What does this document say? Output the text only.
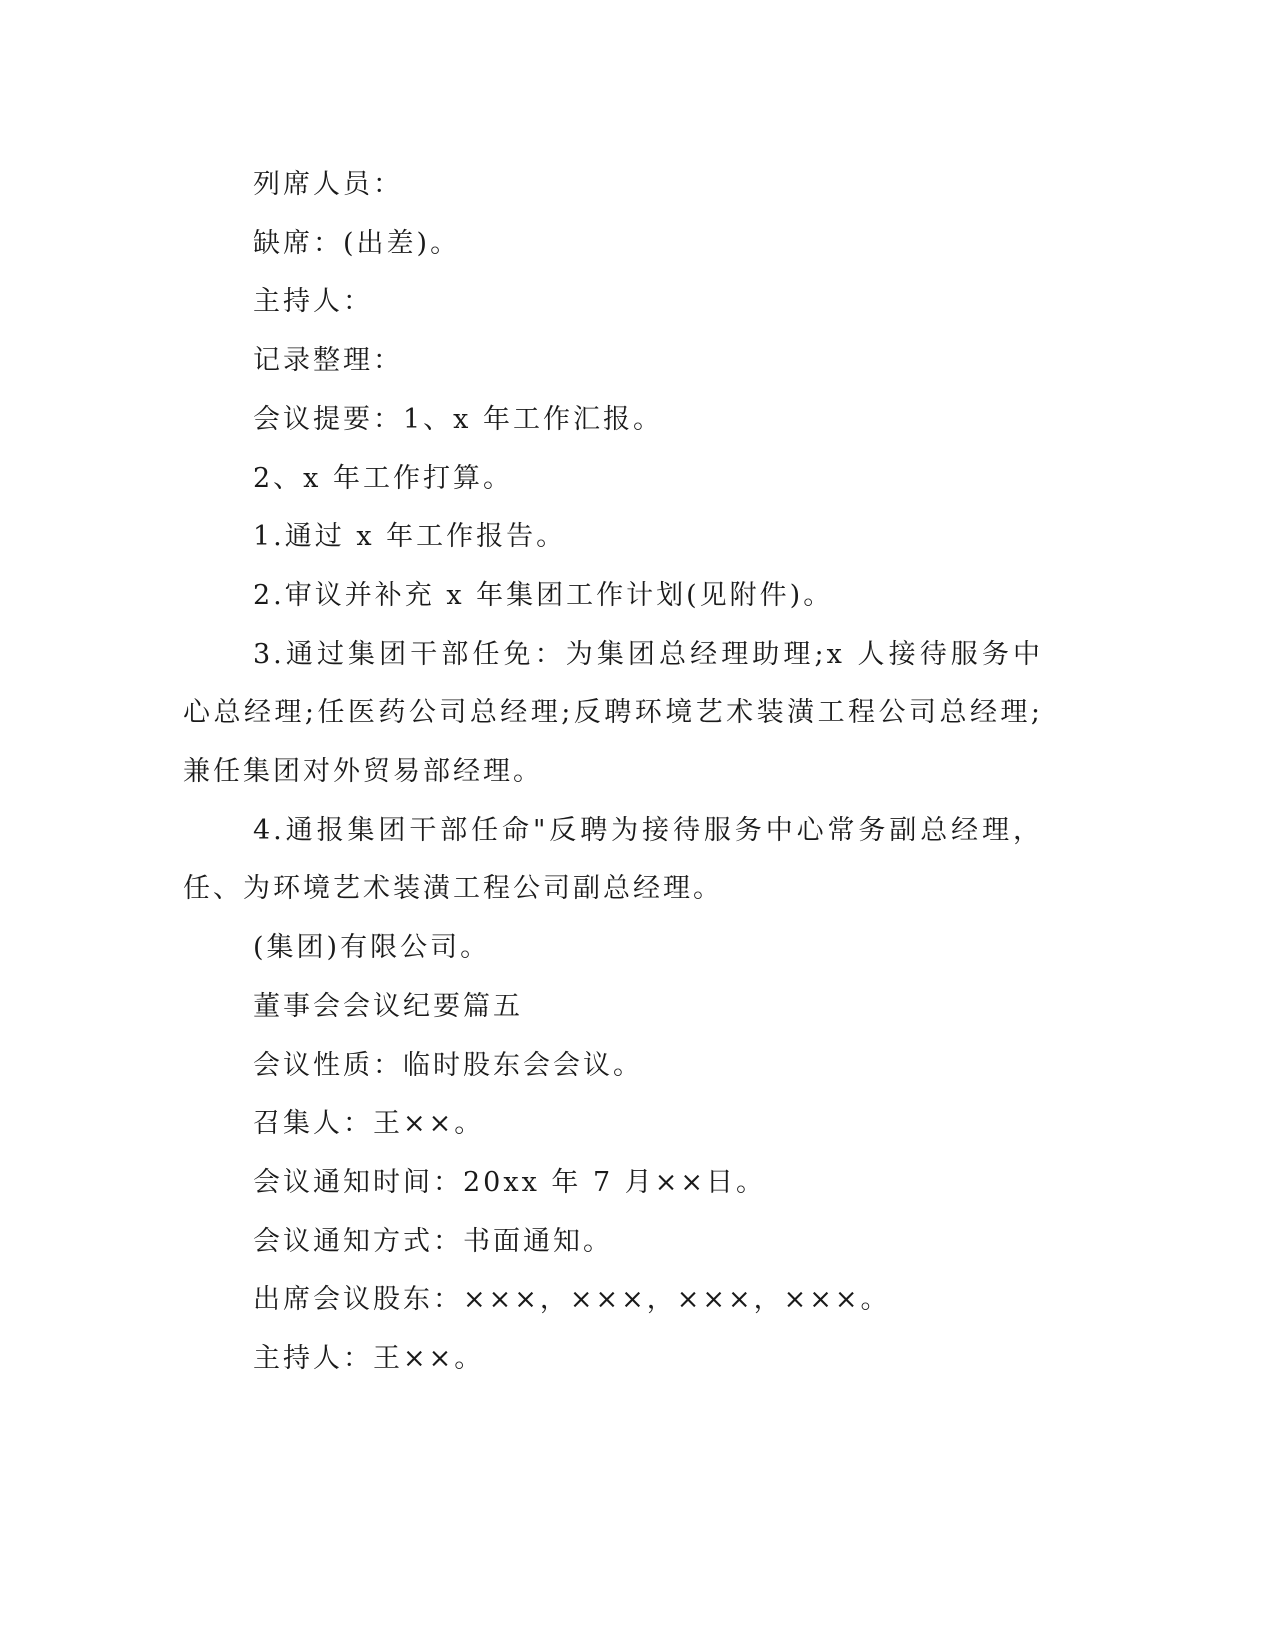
列席人员：

缺席：(出差)。

主持人：

记录整理：

会议提要：1、x 年工作汇报。

2、x 年工作打算。

1.通过 x 年工作报告。

2.审议并补充 x 年集团工作计划(见附件)。

3.通过集团干部任免：为集团总经理助理;x 人接待服务中心总经理;任医药公司总经理;反聘环境艺术装潢工程公司总经理;兼任集团对外贸易部经理。

4.通报集团干部任命"反聘为接待服务中心常务副总经理，任、为环境艺术装潢工程公司副总经理。

(集团)有限公司。

董事会会议纪要篇五

会议性质：临时股东会会议。

召集人：王××。

会议通知时间：20xx 年 7 月××日。

会议通知方式：书面通知。

出席会议股东：×××，×××，×××，×××。

主持人：王××。
